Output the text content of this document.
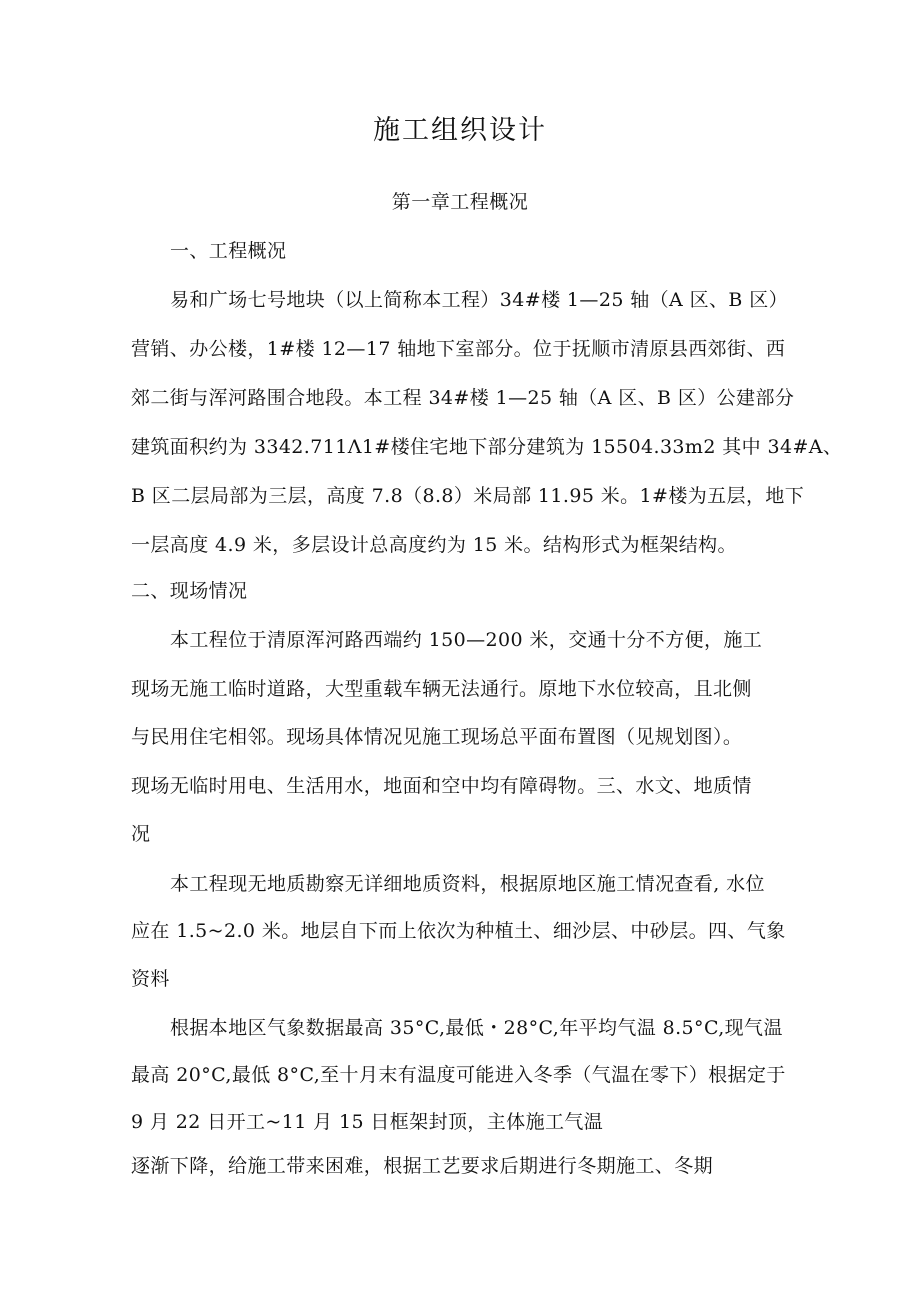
施工组织设计
第一章工程概况
一、工程概况
易和广场七号地块（以上简称本工程）34#楼 1—25 轴（A 区、B 区）
营销、办公楼，1#楼 12—17 轴地下室部分。位于抚顺市清原县西郊街、西
郊二街与浑河路围合地段。本工程 34#楼 1—25 轴（A 区、B 区）公建部分
建筑面积约为 3342.711Λ1#楼住宅地下部分建筑为 15504.33m2 其中 34#A、
B 区二层局部为三层，高度 7.8（8.8）米局部 11.95 米。1#楼为五层，地下
一层高度 4.9 米，多层设计总高度约为 15 米。结构形式为框架结构。
二、现场情况
本工程位于清原浑河路西端约 150—200 米，交通十分不方便，施工
现场无施工临时道路，大型重载车辆无法通行。原地下水位较高，且北侧
与民用住宅相邻。现场具体情况见施工现场总平面布置图（见规划图）。
现场无临时用电、生活用水，地面和空中均有障碍物。三、水文、地质情
况
本工程现无地质勘察无详细地质资料，根据原地区施工情况查看, 水位
应在 1.5~2.0 米。地层自下而上依次为种植土、细沙层、中砂层。四、气象
资料
根据本地区气象数据最高 35°C,最低・28°C,年平均气温 8.5°C,现气温
最高 20°C,最低 8°C,至十月末有温度可能进入冬季（气温在零下）根据定于
9 月 22 日开工~11 月 15 日框架封顶，主体施工气温
逐渐下降，给施工带来困难，根据工艺要求后期进行冬期施工、冬期
